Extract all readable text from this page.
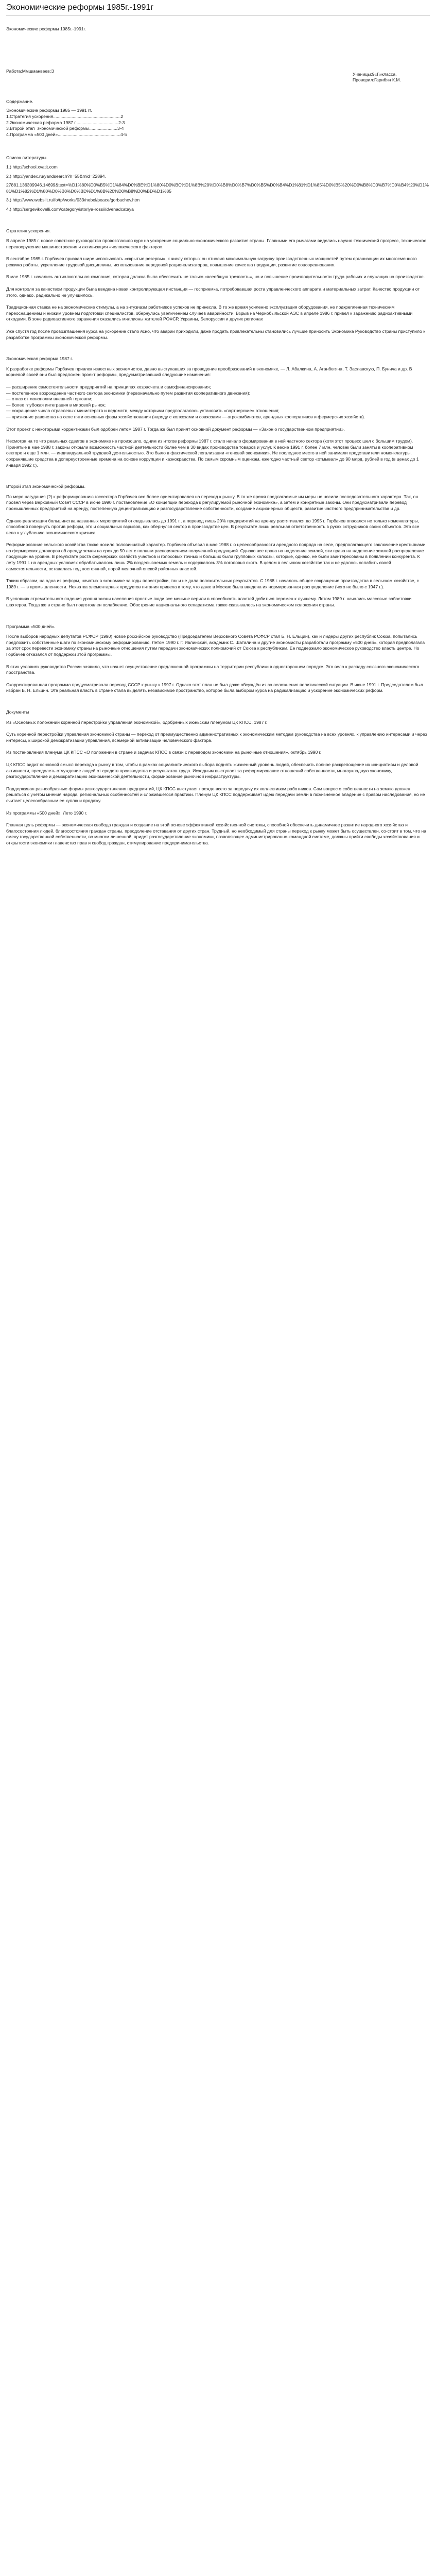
Экономические реформы 1985г.-1991г
Экономические реформы 1985г.-1991г.
Работа;Ммшманвеев;Э
Ученицы;9«Г»класса.
Проверил:Гарибян К.М.
Содержание.
Экономические реформы 1985 — 1991 гг.
1.Стратегия ускорения.......................................................2
2.Экономическая реформа 1987 г...................................2-3
3.Второй этап  экономической реформы.......................3-4
4.Программа «500 дней»...................................................4-5
Список литературы.
1.) http://school.xvatit.com
2.) http://yandex.ru/yandsearch?lr=55&rnid=22894.
27881.136309946.14699&text=%D1%80%D0%B5%D1%84%D0%BE%D1%80%D0%BC%D1%8B%20%D0%B8%D0%B7%D0%B5%D0%B4%D1%81%D1%85%D0%B5%20%D0%B8%D0%B7%D0%B4%20%D1%81%D1%82%D1%80%D0%B0%D0%BD%D1%8B%20%D0%B8%D0%BD%D1%85
3.) http://www.webslit.ru/fo/tp/works/033/nobel/peace/gorbachev.htm
4.) http://sergevikovelli.com/category/istoriya-rossii/dvenadcataya
Стратегия ускорения.

В апреле 1985 г. новое советское руководство провозгласило курс на ускорение социально-экономического развития страны. Главными его рычагами виделись научно-технический прогресс, техническое перевооружение машиностроения и активизация «человеческого фактора».

В сентябре 1985 г. Горбачев призвал шире использовать «скрытые резервы», к числу которых он относил максимальную загрузку производственных мощностей путем организации их многосменного режима работы, укрепление трудовой дисциплины, использование передовой рационализаторов, повышение качества продукции, развитие соцсоревнования.

В мае 1985 г. начались антиалкогольная кампания, которая должна была обеспечить не только «всеобщую трезвость», но и повышение производительности труда рабочих и служащих на производстве.

Для контроля за качеством продукции была введена новая контролирующая инстанция — госприемка, потребовавшая роста управленческого аппарата и материальных затрат. Качество продукции от этого, однако, радикально не улучшилось.

Традиционная ставка не на экономические стимулы, а на энтузиазм работников успехов не принесла. В то же время усиленно эксплуатация оборудования, не подкрепленная техническим переоснащением и низким уровнем подготовки специалистов, обернулись увеличением случаев аварийности. Взрыв на Чернобыльской АЭС в апреле 1986 г. привел к заражению радиоактивными отходами. В зоне радиоактивного заражения оказались миллионы жителей РСФСР, Украины, Белоруссии и других регионах

Уже спустя год после провозглашения курса на ускорение стало ясно, что аварии приходили, даже продать привлекательны становились лучшие приносить Экономика Руководство страны приступило к разработке программы экономической реформы.

Экономическая реформа 1987 г.

К разработке реформы Горбачев привлек известных экономистов, давно выступавших за проведение преобразований в экономике, — Л. Абалкина, А. Аганбегяна, Т. Заславскую, П. Бунича и др. В корневой своей они был предложен проект реформы, предусматривавший следующие изменения:

— расширение самостоятельности предприятий на принципах хозрасчета и самофинансирования;
— постепенное возрождение частного сектора экономики (первоначально путем развития кооперативного движения);
— отказ от монополии внешней торговли;
— более глубокая интеграция в мировой рынок;
— сокращение числа отраслевых министерств и ведомств, между которыми предполагалось установить «партнерские» отношения;

— признание равенства на селе пяти основных форм хозяйствования (наряду с колхозами и совхозами — агрокомбинатов, арендных кооперативов и фермерских хозяйств).

Этот проект с некоторыми корректиками был одобрен летом 1987 г. Тогда же был принят основной документ реформы — «Закон о государственном предприятии».

Несмотря на то что реальных сдвигов в экономике не произошло, одним из итогов реформы 1987 г. стало начало формирования в ней частного сектора (хотя этот процесс шел с большим трудом). Принятые в мае 1988 г. законы открыли возможность частной деятельности более чем в 30 видах производства товаров и услуг. К весне 1991 г. более 7 млн. человек были заняты в кооперативном секторе и еще 1 млн. — индивидуальной трудовой деятельностью. Это было в фактической легализации «теневой экономики». Не последнее место в ней занимали представители номенклатуры, сохранявшие средства в допереустроенные времена на основе коррупции и казнокрадства. По самым скромным оценкам, ежегодно частный сектор «отмывал» до 90 млрд. рублей в год (в ценах до 1 января 1992 г.).

Второй этап экономической реформы.

По мере нагудания (?) к реформированию госсектора Горбачев все более ориентировался на переход к рынку. В то же время предлагаемые им меры не носили последовательного характера. Так, он провел через Верховный Совет СССР в июне 1990 г. постановление «О концепции перехода к регулируемой рыночной экономике», а затем и конкретные законы. Они предусматривали перевод промышленных предприятий на аренду, постепенную децентрализацию и разгосударствление собственности, создание акционерных обществ, развитие частного предпринимательства и др.

Однако реализация большинства названных мероприятий откладывалась до 1991 г., а перевод лишь 20% предприятий на аренду растягивался до 1995 г. Горбачев опасался не только номенклатуры, способной повернуть против реформ, это и социальных взрывов, как обернулся сектор в производстве цен. В результате лишь реальная ответственность в руках сотрудников своих объектов. Это все вело к углублению экономического кризиса.

Реформирование сельского хозяйства также носило половинчатый характер. Горбачев объявил в мае 1988 г. о целесообразности арендного подряда на селе, предполагающего заключение крестьянами на фермерских договоров об аренду земли на срок до 50 лет с полным распоряжением полученной продукцией. Однако все права на наделение землей, эти права на наделение землей распределение продукции на уровне. В результате роста фермерских хозяйств участков и голосовых точных и больших были групповых колхозы, которые, однако, не были заинтересованы в появлении конкурента. К лету 1991 г. на арендных условиях обрабатывалось лишь 2% возделываемых земель и содержалось 3% поголовья скота. В целом в сельском хозяйстве так и не удалось ослабить своей самостоятельности, оставалась под постоянной, порой мелочной опекой районных властей.

Таким образом, на одна из реформ, начатых в экономике за годы перестройки, так и не дала положительных результатов. С 1988 г. началось общее сокращение производства в сельском хозяйстве, с 1989 г. — в промышленности. Нехватка элементарных продуктов питания привела к тому, что даже в Москве была введена их нормированная распределение (чего не было с 1947 г.).

В условиях стремительного падения уровня жизни населения простые люди все меньше верили в способность властей добиться перемен к лучшему. Летом 1989 г. начались массовые забастовки шахтеров. Тогда же в стране был подготовлен ослабление. Обострение национального сепаратизма также сказывалось на экономическом положении страны.

Программа «500 дней».

После выборов народных депутатов РСФСР (1990) новое российское руководство (Председателем Верховного Совета РСФСР стал Б. Н. Ельцин), как и лидеры других республик Союза, попытались предложить собственные шаги по экономическому реформированию. Летом 1990 г. Г. Явлинский, академик С. Шаталина и другие экономисты разработали программу «500 дней», которая предполагала за этот срок перевести экономику страны на рыночные отношения путем передачи экономических полномочий от Союза к республикам. Ее поддержало экономическое руководство власть центре. Но Горбачев отказался от поддержки этой программы.

В этих условиях руководство России заявило, что начнет осуществление предложенной программы на территории республики в одностороннем порядке. Это вело к распаду союзного экономического пространства.

Скорректированная программа предусматривала перевод СССР к рынку к 1997 г. Однако этот план не был даже обсуждён из-за осложнения политической ситуации. В июне 1991 г. Председателем был избран Б. Н. Ельцин. Эта реальная власть в стране стала выделять независимое пространство, которое была выбором курса на радикализацию и ускорение экономических реформ.

Документы

Из «Основных положений коренной перестройки управления экономикой», одобренных июньским пленумом ЦК КПСС, 1987 г.

Суть коренной перестройки управления экономикой страны — переход от преимущественно административных к экономическим методам руководства на всех уровнях, к управлению интересами и через интересы, к широкой демократизации управления, всемерной активизации человеческого фактора.

Из постановления пленума ЦК КПСС «О положении в стране и задачах КПСС в связи с переводом экономики на рыночные отношения», октябрь 1990 г.

ЦК КПСС видит основной смысл перехода к рынку в том, чтобы в рамках социалистического выбора поднять жизненный уровень людей, обеспечить полное раскрепощение их инициативы и деловой активности, преодолеть отчуждение людей от средств производства и результатов труда. Исходным выступает за реформирование отношений собственности, многоукладную экономику, разгосударствление и демократизацию экономической деятельности, формирование рыночной инфраструктуры.

Поддерживая разнообразные формы разгосударствления предприятий, ЦК КПСС выступает прежде всего за передачу их коллективам работников. Сам вопрос о собственности на землю должен решаться с учетом мнения народа, региональных особенностей и сложившегося практики. Пленум ЦК КПСС поддерживает идею передачи земли в пожизненное владение с правом наследования, но не считает целесообразным ее куплю и продажу.

Из программы «500 дней». Лето 1990 г.

Главная цель реформы — экономическая свобода граждан и создание на этой основе эффективной хозяйственной системы, способной обеспечить динамичное развитие народного хозяйства и благосостояния людей, благосостояния граждан страны, преодоление отставания от других стран. Трудный, но необходимый для страны переход к рынку может быть осуществлен, со-стоит в том, что на смену государственной собственности, во многом лишенной, придет разгосударствление экономики, позволяющее администрированно-командной системе, должны прийти свободы хозяйствования и открытости экономики главенство прав и свобод граждан, стимулирование предпринимательства.
